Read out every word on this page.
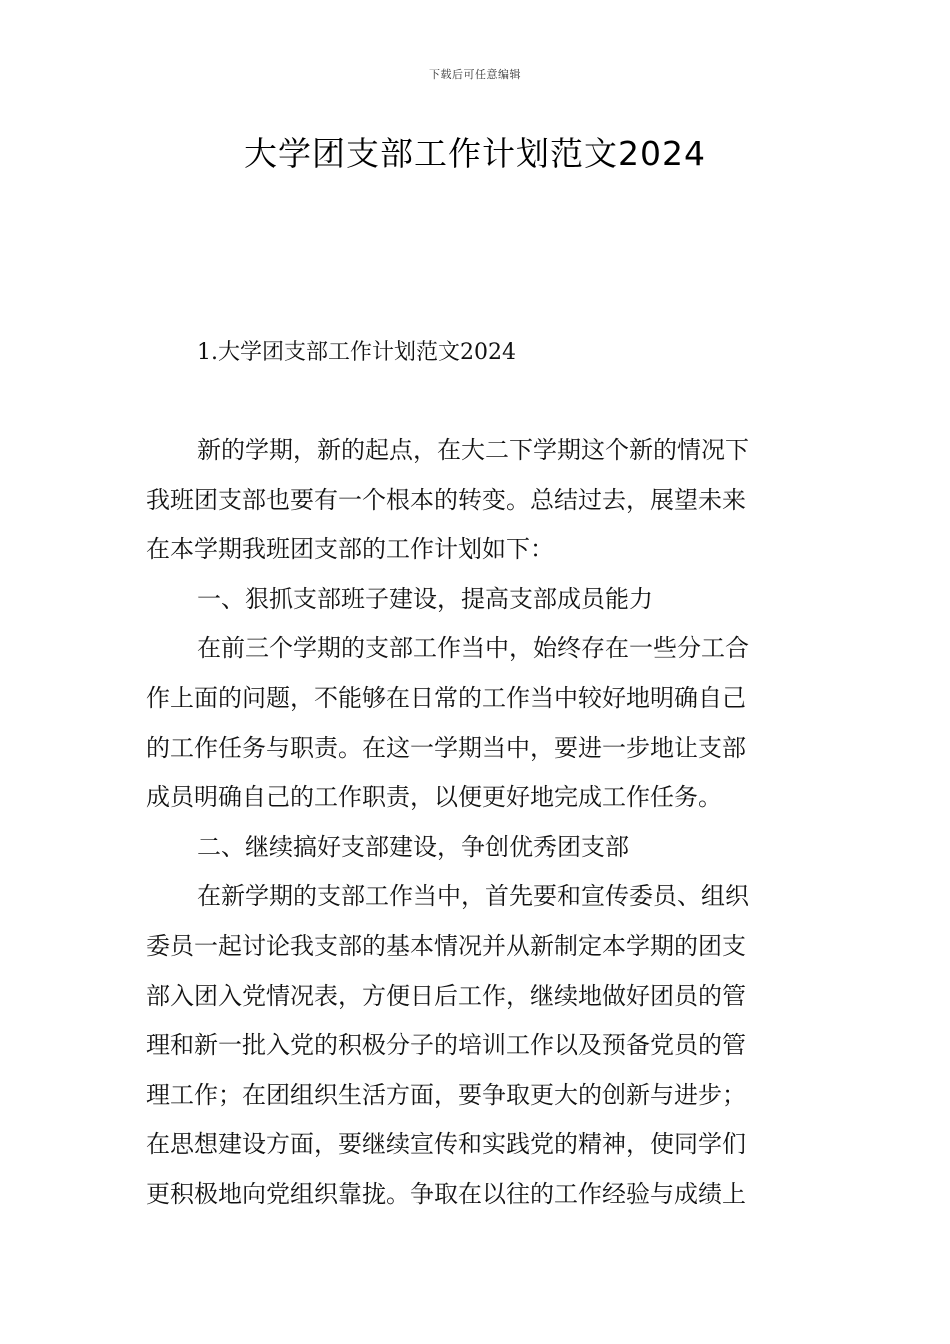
下载后可任意编辑
大学团支部工作计划范文2024
1.大学团支部工作计划范文2024
新的学期，新的起点，在大二下学期这个新的情况下
我班团支部也要有一个根本的转变。总结过去，展望未来
在本学期我班团支部的工作计划如下：
一、狠抓支部班子建设，提高支部成员能力
在前三个学期的支部工作当中，始终存在一些分工合
作上面的问题，不能够在日常的工作当中较好地明确自己
的工作任务与职责。在这一学期当中，要进一步地让支部
成员明确自己的工作职责，以便更好地完成工作任务。
二、继续搞好支部建设，争创优秀团支部
在新学期的支部工作当中，首先要和宣传委员、组织
委员一起讨论我支部的基本情况并从新制定本学期的团支
部入团入党情况表，方便日后工作，继续地做好团员的管
理和新一批入党的积极分子的培训工作以及预备党员的管
理工作；在团组织生活方面，要争取更大的创新与进步；
在思想建设方面，要继续宣传和实践党的精神，使同学们
更积极地向党组织靠拢。争取在以往的工作经验与成绩上
